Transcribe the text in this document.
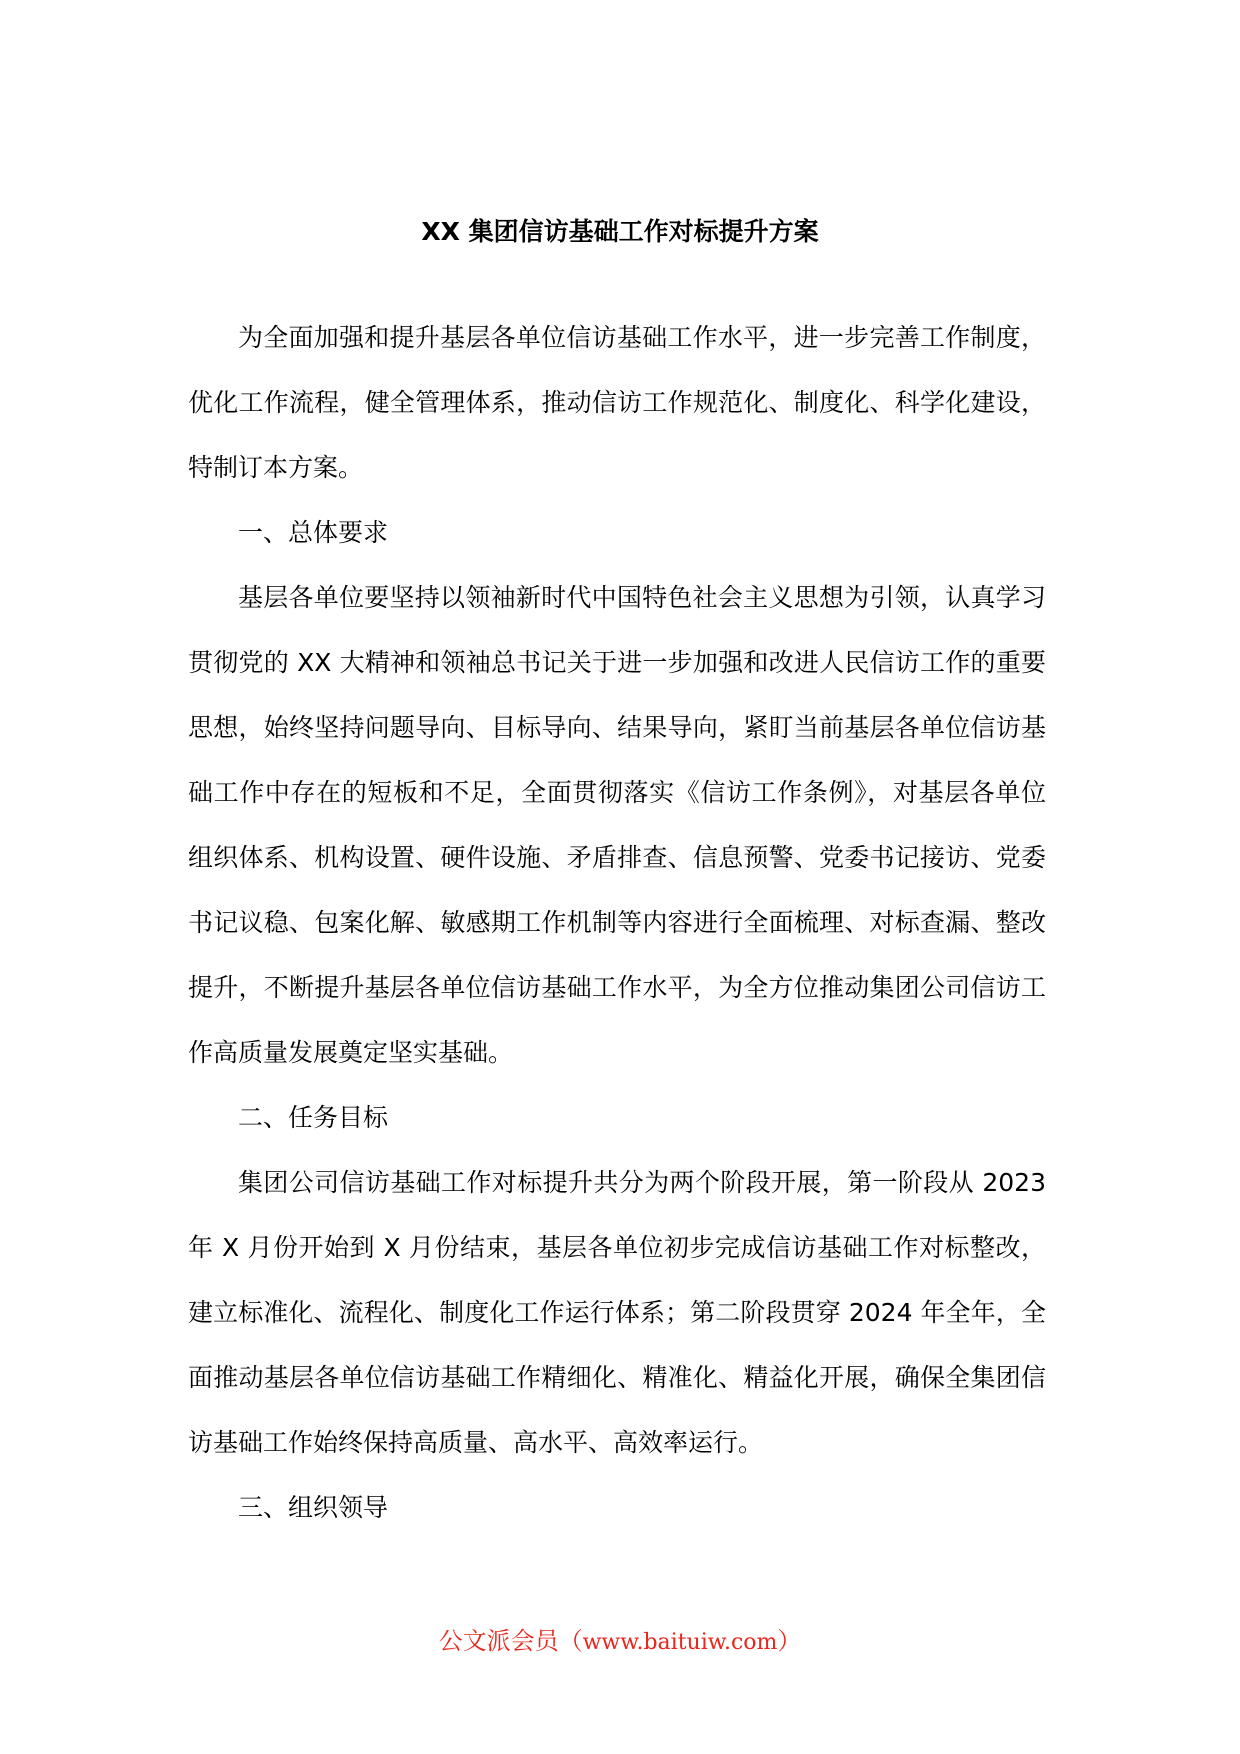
XX 集团信访基础工作对标提升方案

为全面加强和提升基层各单位信访基础工作水平，进一步完善工作制度，优化工作流程，健全管理体系，推动信访工作规范化、制度化、科学化建设，特制订本方案。

一、总体要求

基层各单位要坚持以领袖新时代中国特色社会主义思想为引领，认真学习贯彻党的 XX 大精神和领袖总书记关于进一步加强和改进人民信访工作的重要思想，始终坚持问题导向、目标导向、结果导向，紧盯当前基层各单位信访基础工作中存在的短板和不足，全面贯彻落实《信访工作条例》，对基层各单位组织体系、机构设置、硬件设施、矛盾排查、信息预警、党委书记接访、党委书记议稳、包案化解、敏感期工作机制等内容进行全面梳理、对标查漏、整改提升，不断提升基层各单位信访基础工作水平，为全方位推动集团公司信访工作高质量发展奠定坚实基础。

二、任务目标

集团公司信访基础工作对标提升共分为两个阶段开展，第一阶段从 2023 年 X 月份开始到 X 月份结束，基层各单位初步完成信访基础工作对标整改，建立标准化、流程化、制度化工作运行体系；第二阶段贯穿 2024 年全年，全面推动基层各单位信访基础工作精细化、精准化、精益化开展，确保全集团信访基础工作始终保持高质量、高水平、高效率运行。

三、组织领导

公文派会员（www.baituiw.com）
